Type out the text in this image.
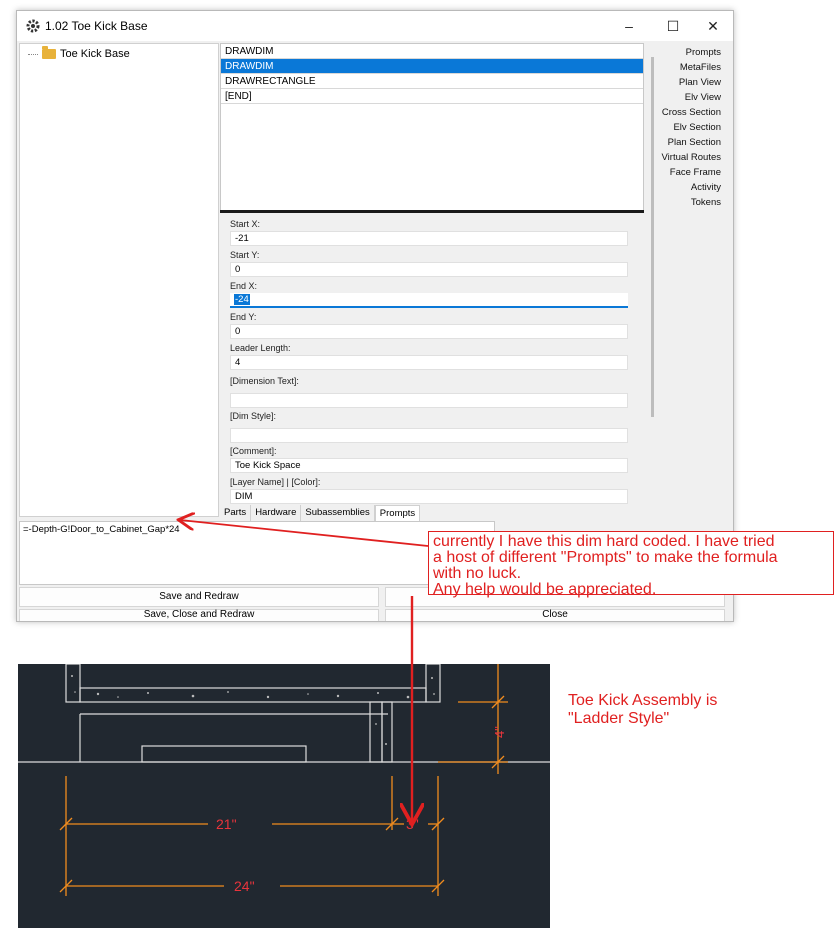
1.02 Toe Kick Base	–	☐	✕
Toe Kick Base	DRAWDIM
DRAWDIM
DRAWRECTANGLE
[END]
Start X:
-21
Start Y:
0
End X:
-24
End Y:
0
Leader Length:
4
[Dimension Text]:
[Dim Style]:
[Comment]:
Toe Kick Space
[Layer Name] | [Color]:
DIM
Prompts
MetaFiles
Plan View
Elv View
Cross Section
Elv Section
Plan Section
Virtual Routes
Face Frame
Activity Tokens
Parts Hardware Subassemblies	Prompts
=-Depth-G!Door_to_Cabinet_Gap*24
Save and Redraw
Save, Close and Redraw	Close
currently I have this dim hard coded. I have tried
a host of different "Prompts" to make the formula
with no luck.
Any help would be appreciated.
21"	3"
24"
4"
Toe Kick Assembly is
"Ladder Style"
